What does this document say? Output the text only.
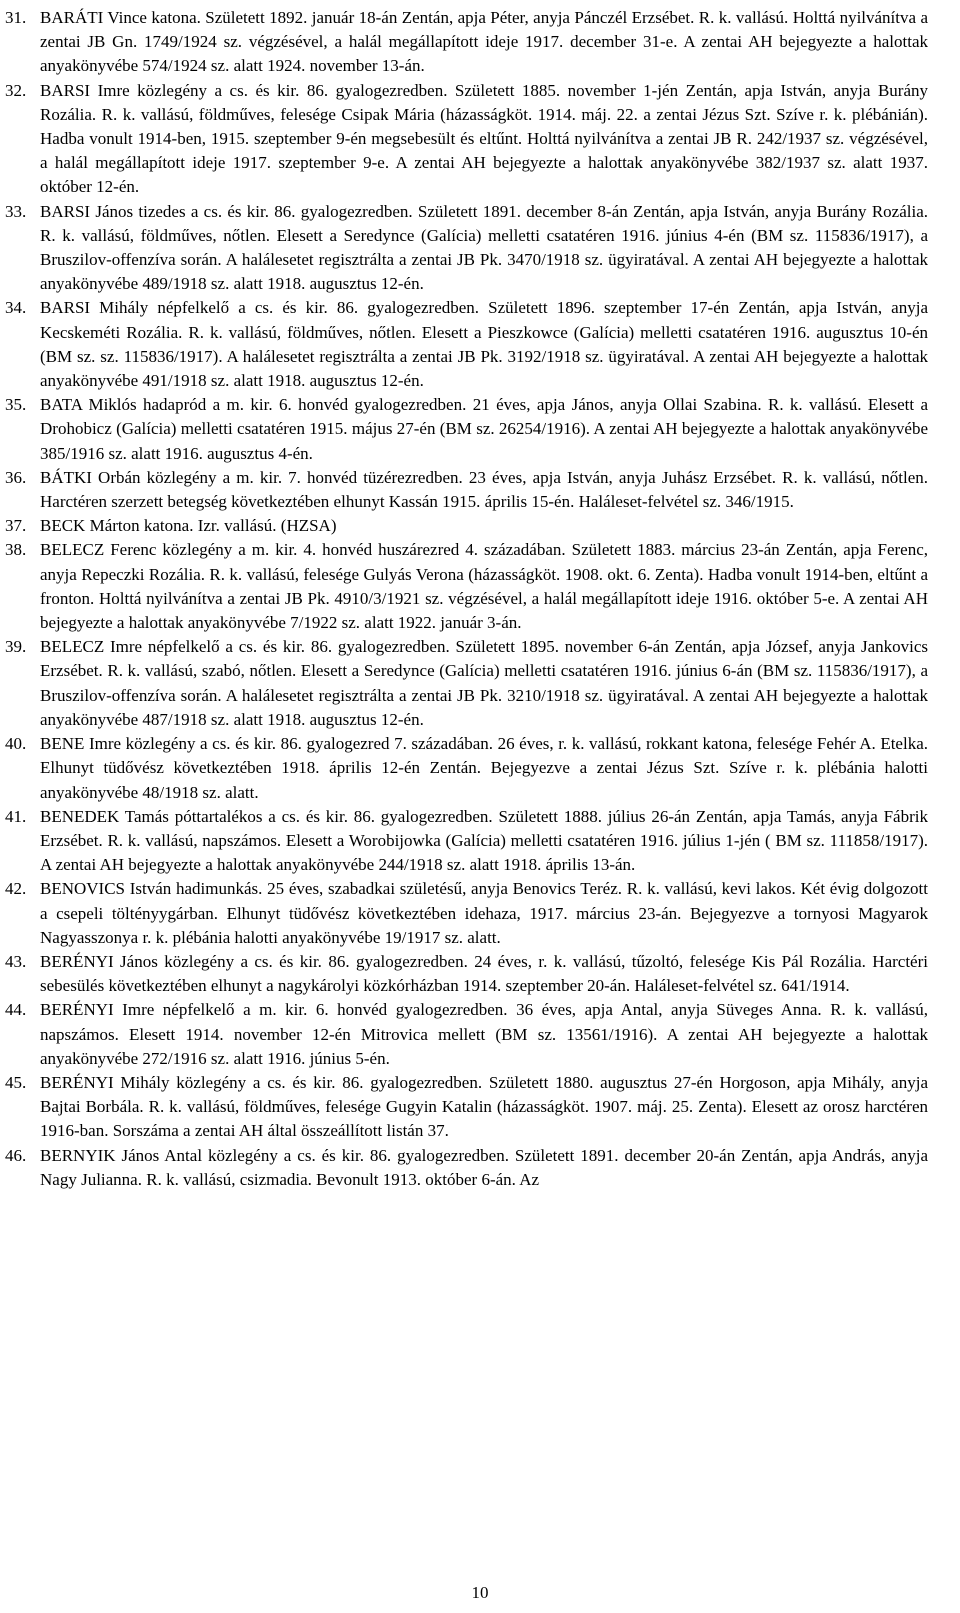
31. BARÁTI Vince katona. Született 1892. január 18-án Zentán, apja Péter, anyja Pánczél Erzsébet. R. k. vallású. Holttá nyilvánítva a zentai JB Gn. 1749/1924 sz. végzésével, a halál megállapított ideje 1917. december 31-e. A zentai AH bejegyezte a halottak anyakönyvébe 574/1924 sz. alatt 1924. november 13-án.
32. BARSI Imre közlegény a cs. és kir. 86. gyalogezredben. Született 1885. november 1-jén Zentán, apja István, anyja Burány Rozália. R. k. vallású, földműves, felesége Csipak Mária (házasságköt. 1914. máj. 22. a zentai Jézus Szt. Szíve r. k. plébánián). Hadba vonult 1914-ben, 1915. szeptember 9-én megsebesült és eltűnt. Holttá nyilvánítva a zentai JB R. 242/1937 sz. végzésével, a halál megállapított ideje 1917. szeptember 9-e. A zentai AH bejegyezte a halottak anyakönyvébe 382/1937 sz. alatt 1937. október 12-én.
33. BARSI János tizedes a cs. és kir. 86. gyalogezredben. Született 1891. december 8-án Zentán, apja István, anyja Burány Rozália. R. k. vallású, földműves, nőtlen. Elesett a Seredynce (Galícia) melletti csatatéren 1916. június 4-én (BM sz. 115836/1917), a Bruszilov-offenzíva során. A halálesetet regisztrálta a zentai JB Pk. 3470/1918 sz. ügyiratával. A zentai AH bejegyezte a halottak anyakönyvébe 489/1918 sz. alatt 1918. augusztus 12-én.
34. BARSI Mihály népfelkelő a cs. és kir. 86. gyalogezredben. Született 1896. szeptember 17-én Zentán, apja István, anyja Kecskeméti Rozália. R. k. vallású, földműves, nőtlen. Elesett a Pieszkowce (Galícia) melletti csatatéren 1916. augusztus 10-én (BM sz. sz. 115836/1917). A halálesetet regisztrálta a zentai JB Pk. 3192/1918 sz. ügyiratával. A zentai AH bejegyezte a halottak anyakönyvébe 491/1918 sz. alatt 1918. augusztus 12-én.
35. BATA Miklós hadapród a m. kir. 6. honvéd gyalogezredben. 21 éves, apja János, anyja Ollai Szabina. R. k. vallású. Elesett a Drohobicz (Galícia) melletti csatatéren 1915. május 27-én (BM sz. 26254/1916). A zentai AH bejegyezte a halottak anyakönyvébe 385/1916 sz. alatt 1916. augusztus 4-én.
36. BÁTKI Orbán közlegény a m. kir. 7. honvéd tüzérezredben. 23 éves, apja István, anyja Juhász Erzsébet. R. k. vallású, nőtlen. Harctéren szerzett betegség következtében elhunyt Kassán 1915. április 15-én. Haláleset-felvétel sz. 346/1915.
37. BECK Márton katona. Izr. vallású. (HZSA)
38. BELECZ Ferenc közlegény a m. kir. 4. honvéd huszárezred 4. századában. Született 1883. március 23-án Zentán, apja Ferenc, anyja Repeczki Rozália. R. k. vallású, felesége Gulyás Verona (házasságköt. 1908. okt. 6. Zenta). Hadba vonult 1914-ben, eltűnt a fronton. Holttá nyilvánítva a zentai JB Pk. 4910/3/1921 sz. végzésével, a halál megállapított ideje 1916. október 5-e. A zentai AH bejegyezte a halottak anyakönyvébe 7/1922 sz. alatt 1922. január 3-án.
39. BELECZ Imre népfelkelő a cs. és kir. 86. gyalogezredben. Született 1895. november 6-án Zentán, apja József, anyja Jankovics Erzsébet. R. k. vallású, szabó, nőtlen. Elesett a Seredynce (Galícia) melletti csatatéren 1916. június 6-án (BM sz. 115836/1917), a Bruszilov-offenzíva során. A halálesetet regisztrálta a zentai JB Pk. 3210/1918 sz. ügyiratával. A zentai AH bejegyezte a halottak anyakönyvébe 487/1918 sz. alatt 1918. augusztus 12-én.
40. BENE Imre közlegény a cs. és kir. 86. gyalogezred 7. századában. 26 éves, r. k. vallású, rokkant katona, felesége Fehér A. Etelka. Elhunyt tüdővész következtében 1918. április 12-én Zentán. Bejegyezve a zentai Jézus Szt. Szíve r. k. plébánia halotti anyakönyvébe 48/1918 sz. alatt.
41. BENEDEK Tamás póttartalékos a cs. és kir. 86. gyalogezredben. Született 1888. július 26-án Zentán, apja Tamás, anyja Fábrik Erzsébet. R. k. vallású, napszámos. Elesett a Worobijowka (Galícia) melletti csatatéren 1916. július 1-jén ( BM sz. 111858/1917). A zentai AH bejegyezte a halottak anyakönyvébe 244/1918 sz. alatt 1918. április 13-án.
42. BENOVICS István hadimunkás. 25 éves, szabadkai születésű, anyja Benovics Teréz. R. k. vallású, kevi lakos. Két évig dolgozott a csepeli töltényygárban. Elhunyt tüdővész következtében idehaza, 1917. március 23-án. Bejegyezve a tornyosi Magyarok Nagyasszonya r. k. plébánia halotti anyakönyvébe 19/1917 sz. alatt.
43. BERÉNYI János közlegény a cs. és kir. 86. gyalogezredben. 24 éves, r. k. vallású, tűzoltó, felesége Kis Pál Rozália. Harctéri sebesülés következtében elhunyt a nagykárolyi közkórházban 1914. szeptember 20-án. Haláleset-felvétel sz. 641/1914.
44. BERÉNYI Imre népfelkelő a m. kir. 6. honvéd gyalogezredben. 36 éves, apja Antal, anyja Süveges Anna. R. k. vallású, napszámos. Elesett 1914. november 12-én Mitrovica mellett (BM sz. 13561/1916). A zentai AH bejegyezte a halottak anyakönyvébe 272/1916 sz. alatt 1916. június 5-én.
45. BERÉNYI Mihály közlegény a cs. és kir. 86. gyalogezredben. Született 1880. augusztus 27-én Horgoson, apja Mihály, anyja Bajtai Borbála. R. k. vallású, földműves, felesége Gugyin Katalin (házasságköt. 1907. máj. 25. Zenta). Elesett az orosz harctéren 1916-ban. Sorszáma a zentai AH által összeállított listán 37.
46. BERNYIK János Antal közlegény a cs. és kir. 86. gyalogezredben. Született 1891. december 20-án Zentán, apja András, anyja Nagy Julianna. R. k. vallású, csizmadia. Bevonult 1913. október 6-án. Az
10
